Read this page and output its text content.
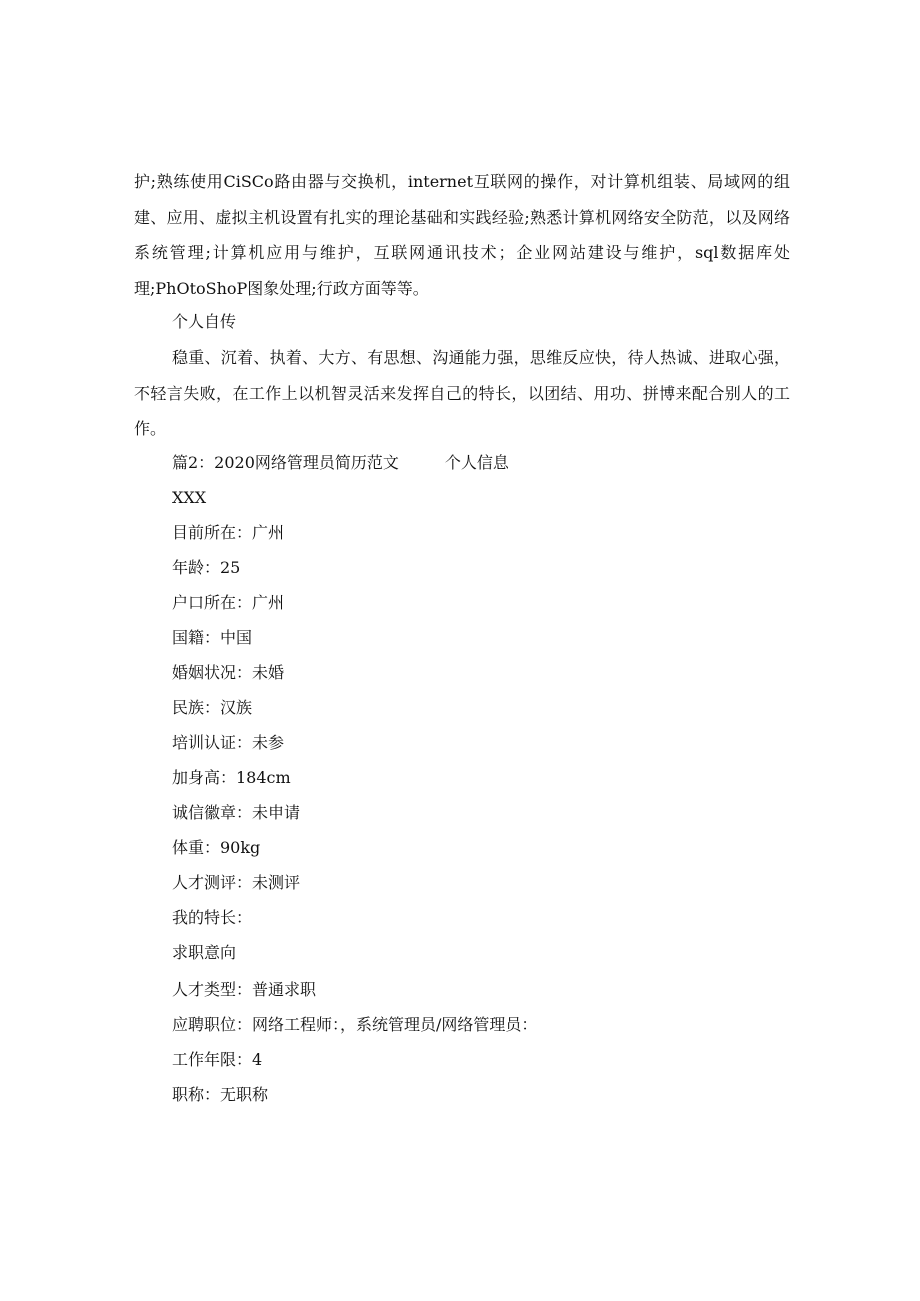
护;熟练使用CiSCo路由器与交换机，internet互联网的操作，对计算机组装、局域网的组建、应用、虚拟主机设置有扎实的理论基础和实践经验;熟悉计算机网络安全防范，以及网络系统管理;计算机应用与维护，互联网通讯技术；企业网站建设与维护，sql数据库处理;PhOtoShoP图象处理;行政方面等等。

个人自传

稳重、沉着、执着、大方、有思想、沟通能力强，思维反应快，待人热诚、进取心强，不轻言失败，在工作上以机智灵活来发挥自己的特长，以团结、用功、拼博来配合别人的工作。

篇2：2020网络管理员简历范文	个人信息

XXX

目前所在：广州

年龄：25

户口所在：广州

国籍：中国

婚姻状况：未婚

民族：汉族

培训认证：未参

加身高：184cm

诚信徽章：未申请

体重：90kg

人才测评：未测评

我的特长：

求职意向

人才类型：普通求职

应聘职位：网络工程师：，系统管理员/网络管理员：

工作年限：4

职称：无职称
